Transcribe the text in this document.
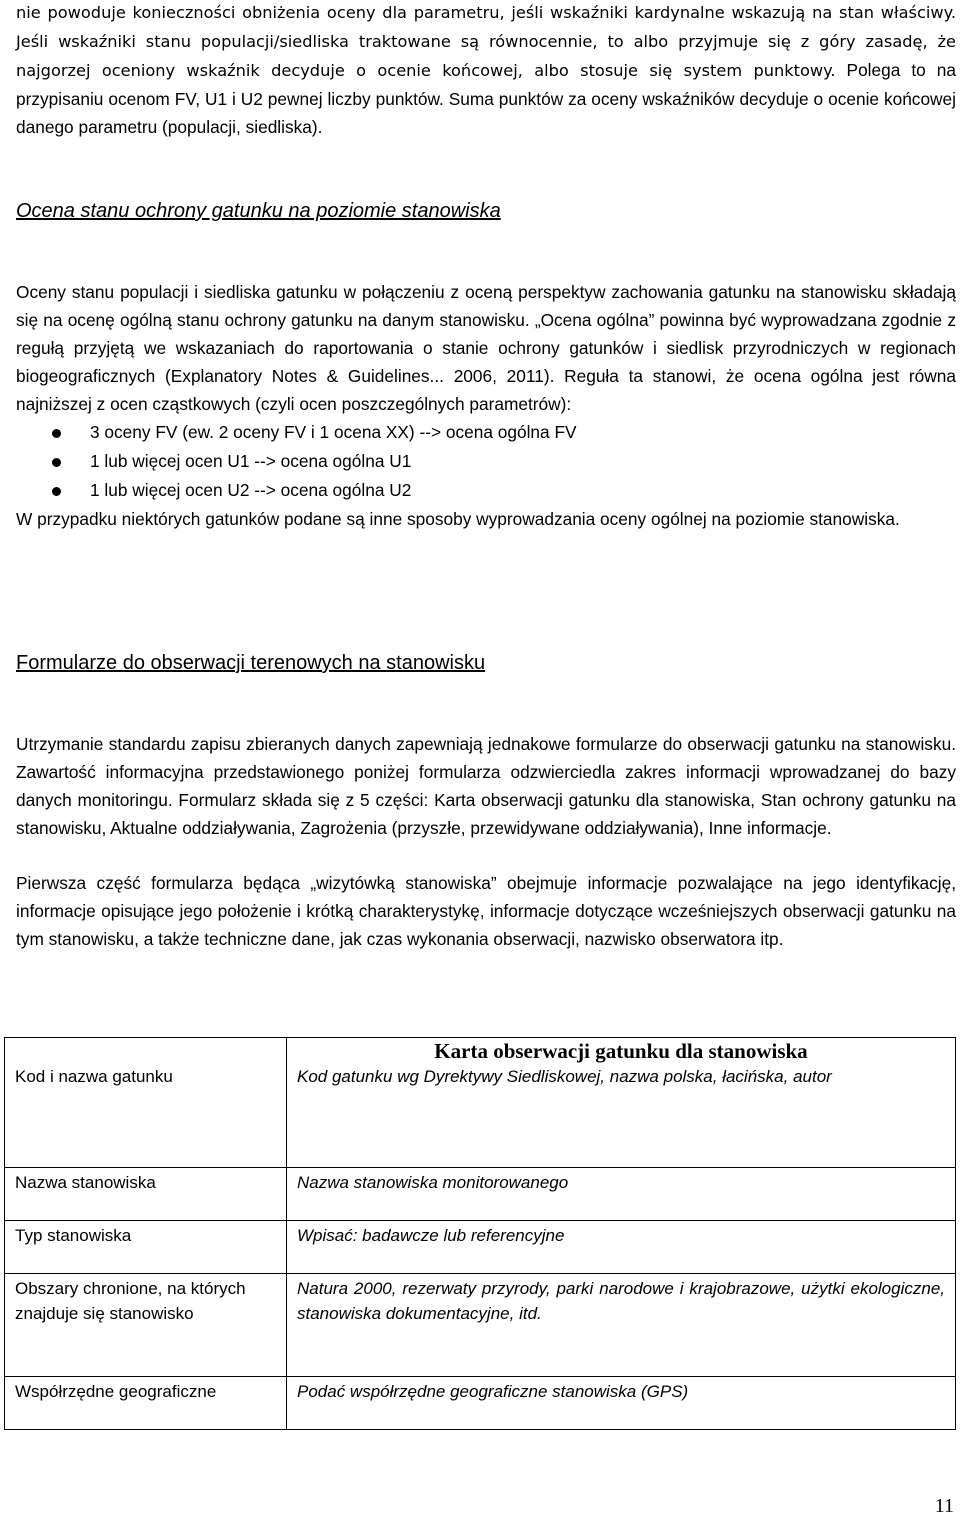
nie powoduje konieczności obniżenia oceny dla parametru, jeśli wskaźniki kardynalne wskazują na stan właściwy. Jeśli wskaźniki stanu populacji/siedliska traktowane są równocennie, to albo przyjmuje się z góry zasadę, że najgorzej oceniony wskaźnik decyduje o ocenie końcowej, albo stosuje się system punktowy. Polega to na przypisaniu ocenom FV, U1 i U2 pewnej liczby punktów. Suma punktów za oceny wskaźników decyduje o ocenie końcowej danego parametru (populacji, siedliska).

Ocena stanu ochrony gatunku na poziomie stanowiska

Oceny stanu populacji i siedliska gatunku w połączeniu z oceną perspektyw zachowania gatunku na stanowisku składają się na ocenę ogólną stanu ochrony gatunku na danym stanowisku. „Ocena ogólna” powinna być wyprowadzana zgodnie z regułą przyjętą we wskazaniach do raportowania o stanie ochrony gatunków i siedlisk przyrodniczych w regionach biogeograficznych (Explanatory Notes & Guidelines... 2006, 2011). Reguła ta stanowi, że ocena ogólna jest równa najniższej z ocen cząstkowych (czyli ocen poszczególnych parametrów):

3 oceny FV (ew. 2 oceny FV i 1 ocena XX) --> ocena ogólna FV
1 lub więcej ocen U1 --> ocena ogólna U1
1 lub więcej ocen U2 --> ocena ogólna U2

W przypadku niektórych gatunków podane są inne sposoby wyprowadzania oceny ogólnej na poziomie stanowiska.

Formularze do obserwacji terenowych na stanowisku

Utrzymanie standardu zapisu zbieranych danych zapewniają jednakowe formularze do obserwacji gatunku na stanowisku. Zawartość informacyjna przedstawionego poniżej formularza odzwierciedla zakres informacji wprowadzanej do bazy danych monitoringu. Formularz składa się z 5 części: Karta obserwacji gatunku dla stanowiska, Stan ochrony gatunku na stanowisku, Aktualne oddziaływania, Zagrożenia (przyszłe, przewidywane oddziaływania), Inne informacje.

Pierwsza część formularza będąca „wizytówką stanowiska” obejmuje informacje pozwalające na jego identyfikację, informacje opisujące jego położenie i krótką charakterystykę, informacje dotyczące wcześniejszych obserwacji gatunku na tym stanowisku, a także techniczne dane, jak czas wykonania obserwacji, nazwisko obserwatora itp.

	Karta obserwacji gatunku dla stanowiska

Kod i nazwa gatunku	Kod gatunku wg Dyrektywy Siedliskowej, nazwa polska, łacińska, autor
Nazwa stanowiska	Nazwa stanowiska monitorowanego
Typ stanowiska	Wpisać: badawcze lub referencyjne
Obszary chronione, na których znajduje się stanowisko	Natura 2000, rezerwaty przyrody, parki narodowe i krajobrazowe, użytki ekologiczne, stanowiska dokumentacyjne, itd.
Współrzędne geograficzne	Podać współrzędne geograficzne stanowiska (GPS)
11
